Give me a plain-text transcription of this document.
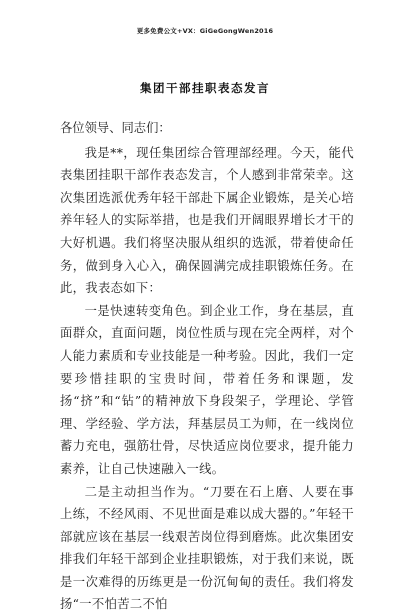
更多免费公文+VX：GiGeGongWen2016
集团干部挂职表态发言

各位领导、同志们：

我是**，现任集团综合管理部经理。今天，能代表集团挂职干部作表态发言，个人感到非常荣幸。这次集团选派优秀年轻干部赴下属企业锻炼，是关心培养年轻人的实际举措，也是我们开阔眼界增长才干的大好机遇。我们将坚决服从组织的选派，带着使命任务，做到身入心入，确保圆满完成挂职锻炼任务。在此，我表态如下：

一是快速转变角色。到企业工作，身在基层，直面群众，直面问题，岗位性质与现在完全两样，对个人能力素质和专业技能是一种考验。因此，我们一定要珍惜挂职的宝贵时间，带着任务和课题，发扬“挤”和“钻”的精神放下身段架子，学理论、学管理、学经验、学方法，拜基层员工为师，在一线岗位蓄力充电，强筋壮骨，尽快适应岗位要求，提升能力素养，让自己快速融入一线。

二是主动担当作为。“刀要在石上磨、人要在事上练，不经风雨、不见世面是难以成大器的。”年轻干部就应该在基层一线艰苦岗位得到磨炼。此次集团安排我们年轻干部到企业挂职锻炼，对于我们来说，既是一次难得的历练更是一份沉甸甸的责任。我们将发扬“一不怕苦二不怕
